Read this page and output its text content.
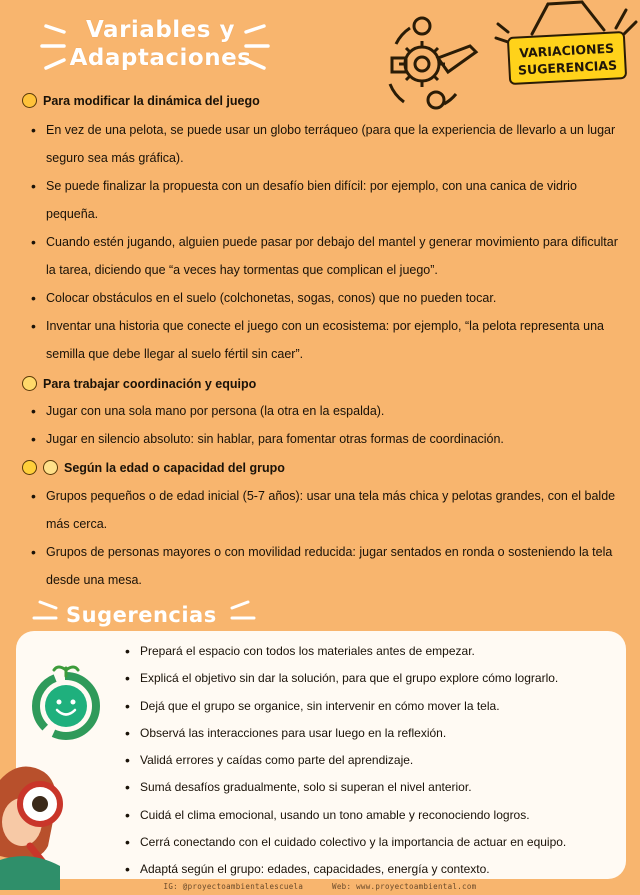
Variables y
Adaptaciones	VARIACIONES
SUGERENCIAS
Para modificar la dinámica del juego
• En vez de una pelota, se puede usar un globo terráqueo (para que la experiencia de llevarlo a un lugar seguro sea más gráfica).
• Se puede finalizar la propuesta con un desafío bien difícil: por ejemplo, con una canica de vidrio pequeña.
• Cuando estén jugando, alguien puede pasar por debajo del mantel y generar movimiento para dificultar la tarea, diciendo que “a veces hay tormentas que complican el juego”.
• Colocar obstáculos en el suelo (colchonetas, sogas, conos) que no pueden tocar.
• Inventar una historia que conecte el juego con un ecosistema: por ejemplo, “la pelota representa una semilla que debe llegar al suelo fértil sin caer”.
Para trabajar coordinación y equipo
• Jugar con una sola mano por persona (la otra en la espalda).
• Jugar en silencio absoluto: sin hablar, para fomentar otras formas de coordinación.
Según la edad o capacidad del grupo
• Grupos pequeños o de edad inicial (5-7 años): usar una tela más chica y pelotas grandes, con el balde más cerca.
• Grupos de personas mayores o con movilidad reducida: jugar sentados en ronda o sosteniendo la tela desde una mesa.
Sugerencias
• Prepará el espacio con todos los materiales antes de empezar.
• Explicá el objetivo sin dar la solución, para que el grupo explore cómo lograrlo.
• Dejá que el grupo se organice, sin intervenir en cómo mover la tela.
• Observá las interacciones para usar luego en la reflexión.
• Validá errores y caídas como parte del aprendizaje.
• Sumá desafíos gradualmente, solo si superan el nivel anterior.
• Cuidá el clima emocional, usando un tono amable y reconociendo logros.
• Cerrá conectando con el cuidado colectivo y la importancia de actuar en equipo.
• Adaptá según el grupo: edades, capacidades, energía y contexto.
IG: @proyectoambientalescuela	Web: www.proyectoambiental.com
